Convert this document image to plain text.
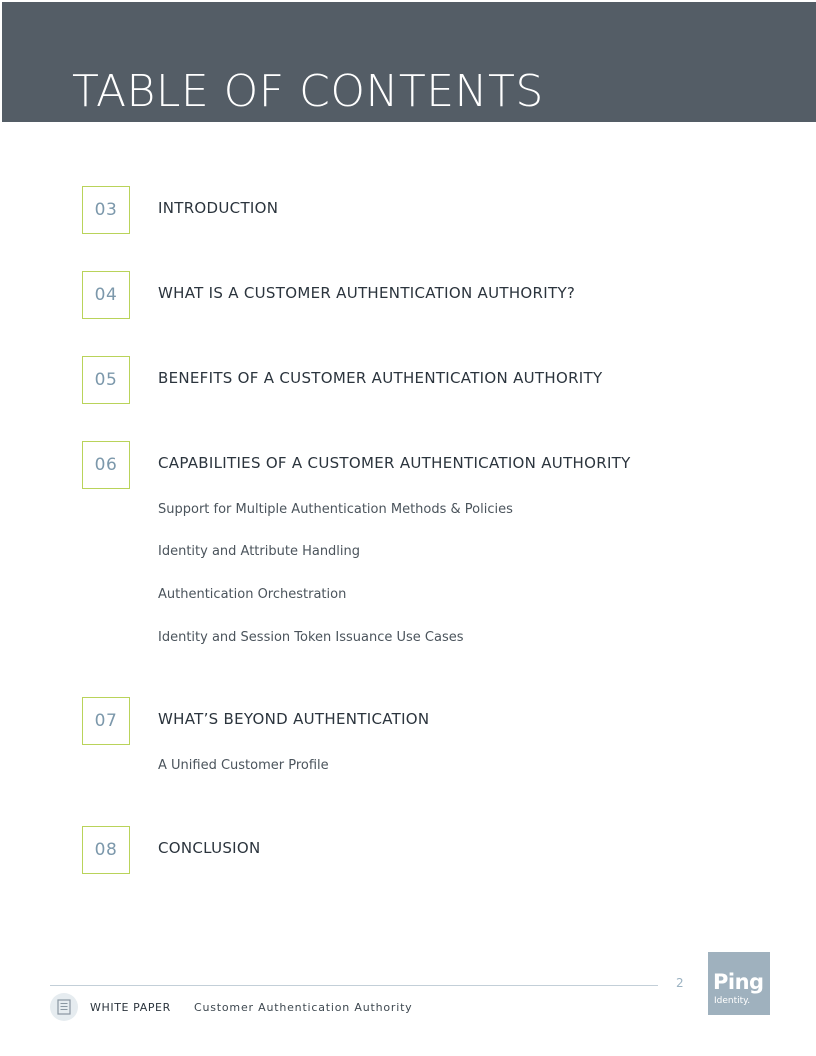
TABLE OF CONTENTS
03	INTRODUCTION
04	WHAT IS A CUSTOMER AUTHENTICATION AUTHORITY?
05	BENEFITS OF A CUSTOMER AUTHENTICATION AUTHORITY
06	CAPABILITIES OF A CUSTOMER AUTHENTICATION AUTHORITY
Support for Multiple Authentication Methods & Policies
Identity and Attribute Handling
Authentication Orchestration
Identity and Session Token Issuance Use Cases
07	WHAT’S BEYOND AUTHENTICATION
A Unified Customer Profile
08	CONCLUSION
2 Ping
Identity.
WHITE PAPER Customer Authentication Authority
